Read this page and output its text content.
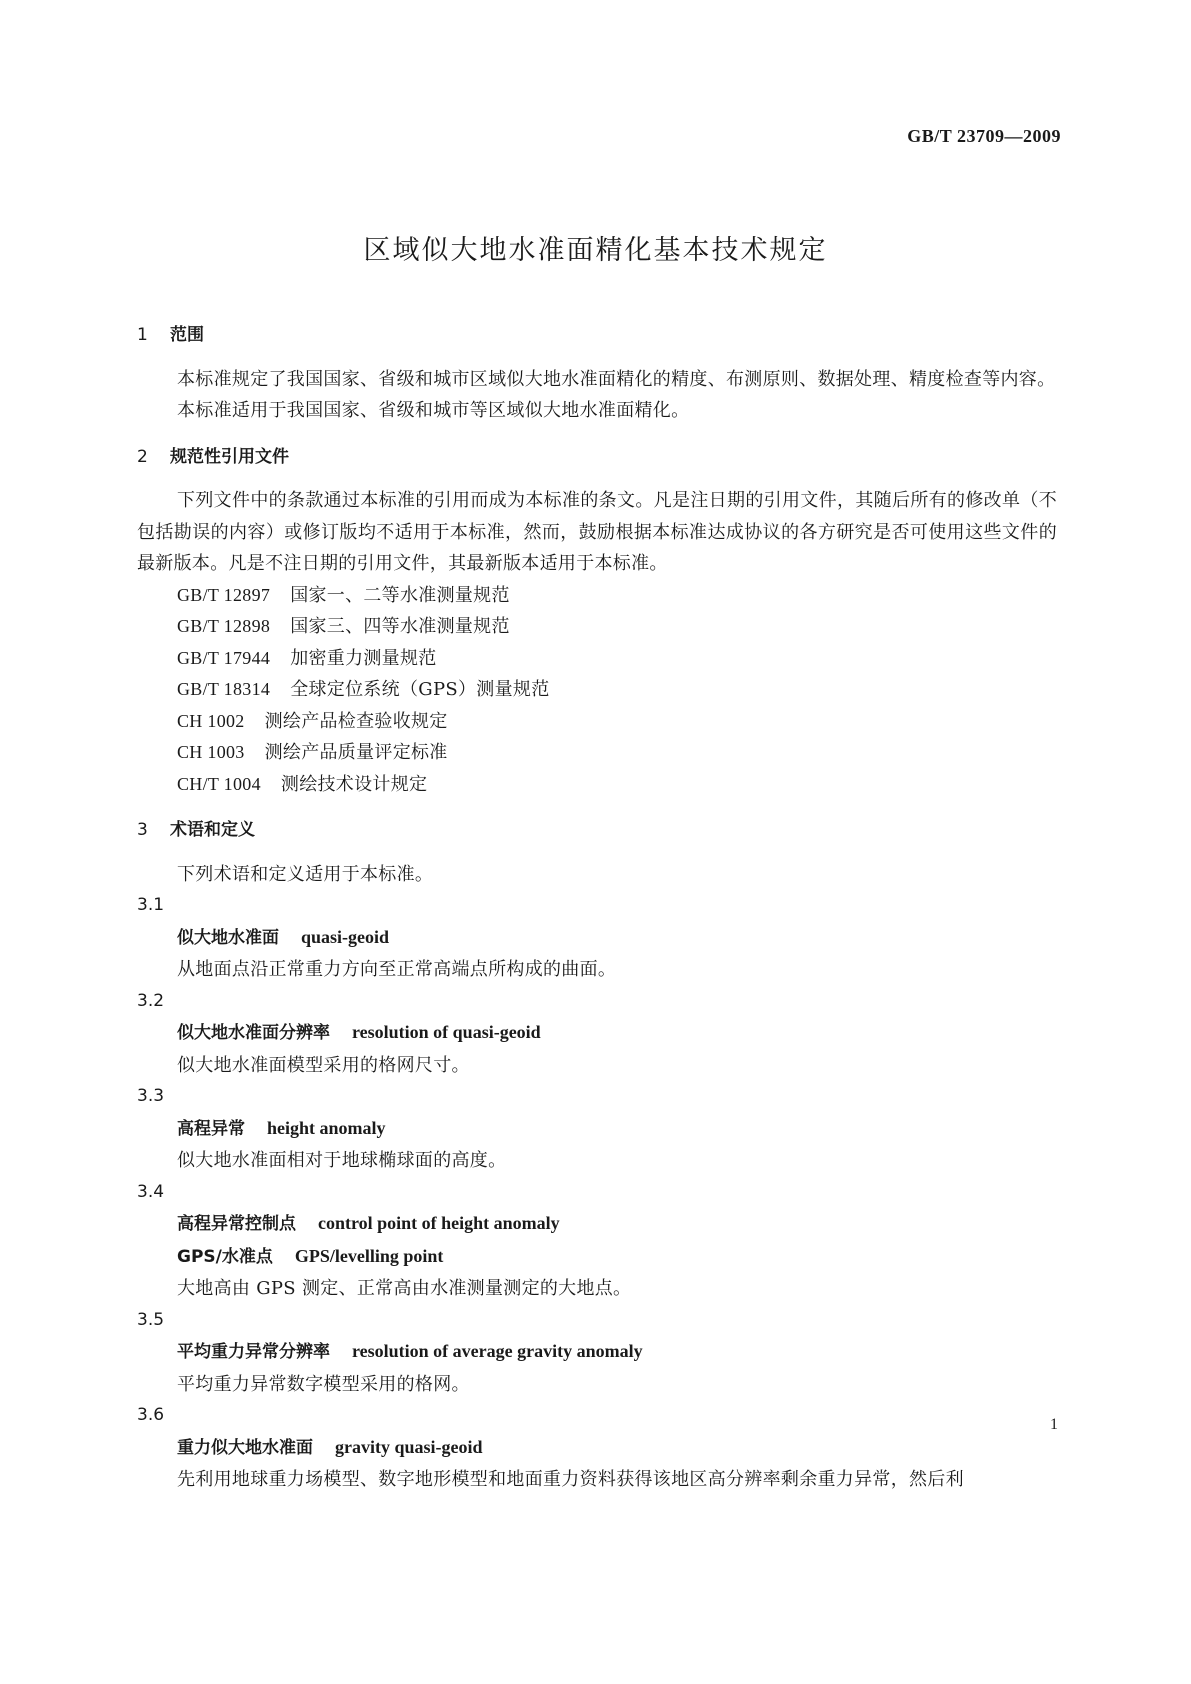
GB/T 23709—2009
区域似大地水准面精化基本技术规定

1 范围

本标准规定了我国国家、省级和城市区域似大地水准面精化的精度、布测原则、数据处理、精度检查等内容。

本标准适用于我国国家、省级和城市等区域似大地水准面精化。

2 规范性引用文件

下列文件中的条款通过本标准的引用而成为本标准的条文。凡是注日期的引用文件，其随后所有的修改单（不包括勘误的内容）或修订版均不适用于本标准，然而，鼓励根据本标准达成协议的各方研究是否可使用这些文件的最新版本。凡是不注日期的引用文件，其最新版本适用于本标准。

GB/T 12897 国家一、二等水准测量规范

GB/T 12898 国家三、四等水准测量规范

GB/T 17944 加密重力测量规范

GB/T 18314 全球定位系统（GPS）测量规范

CH 1002 测绘产品检查验收规定

CH 1003 测绘产品质量评定标准

CH/T 1004 测绘技术设计规定

3 术语和定义

下列术语和定义适用于本标准。

3.1

似大地水准面 quasi-geoid

从地面点沿正常重力方向至正常高端点所构成的曲面。

3.2

似大地水准面分辨率 resolution of quasi-geoid

似大地水准面模型采用的格网尺寸。

3.3

高程异常 height anomaly

似大地水准面相对于地球椭球面的高度。

3.4

高程异常控制点 control point of height anomaly

GPS/水准点 GPS/levelling point

大地高由 GPS 测定、正常高由水准测量测定的大地点。

3.5

平均重力异常分辨率 resolution of average gravity anomaly

平均重力异常数字模型采用的格网。

3.6

重力似大地水准面 gravity quasi-geoid

先利用地球重力场模型、数字地形模型和地面重力资料获得该地区高分辨率剩余重力异常，然后利

1
